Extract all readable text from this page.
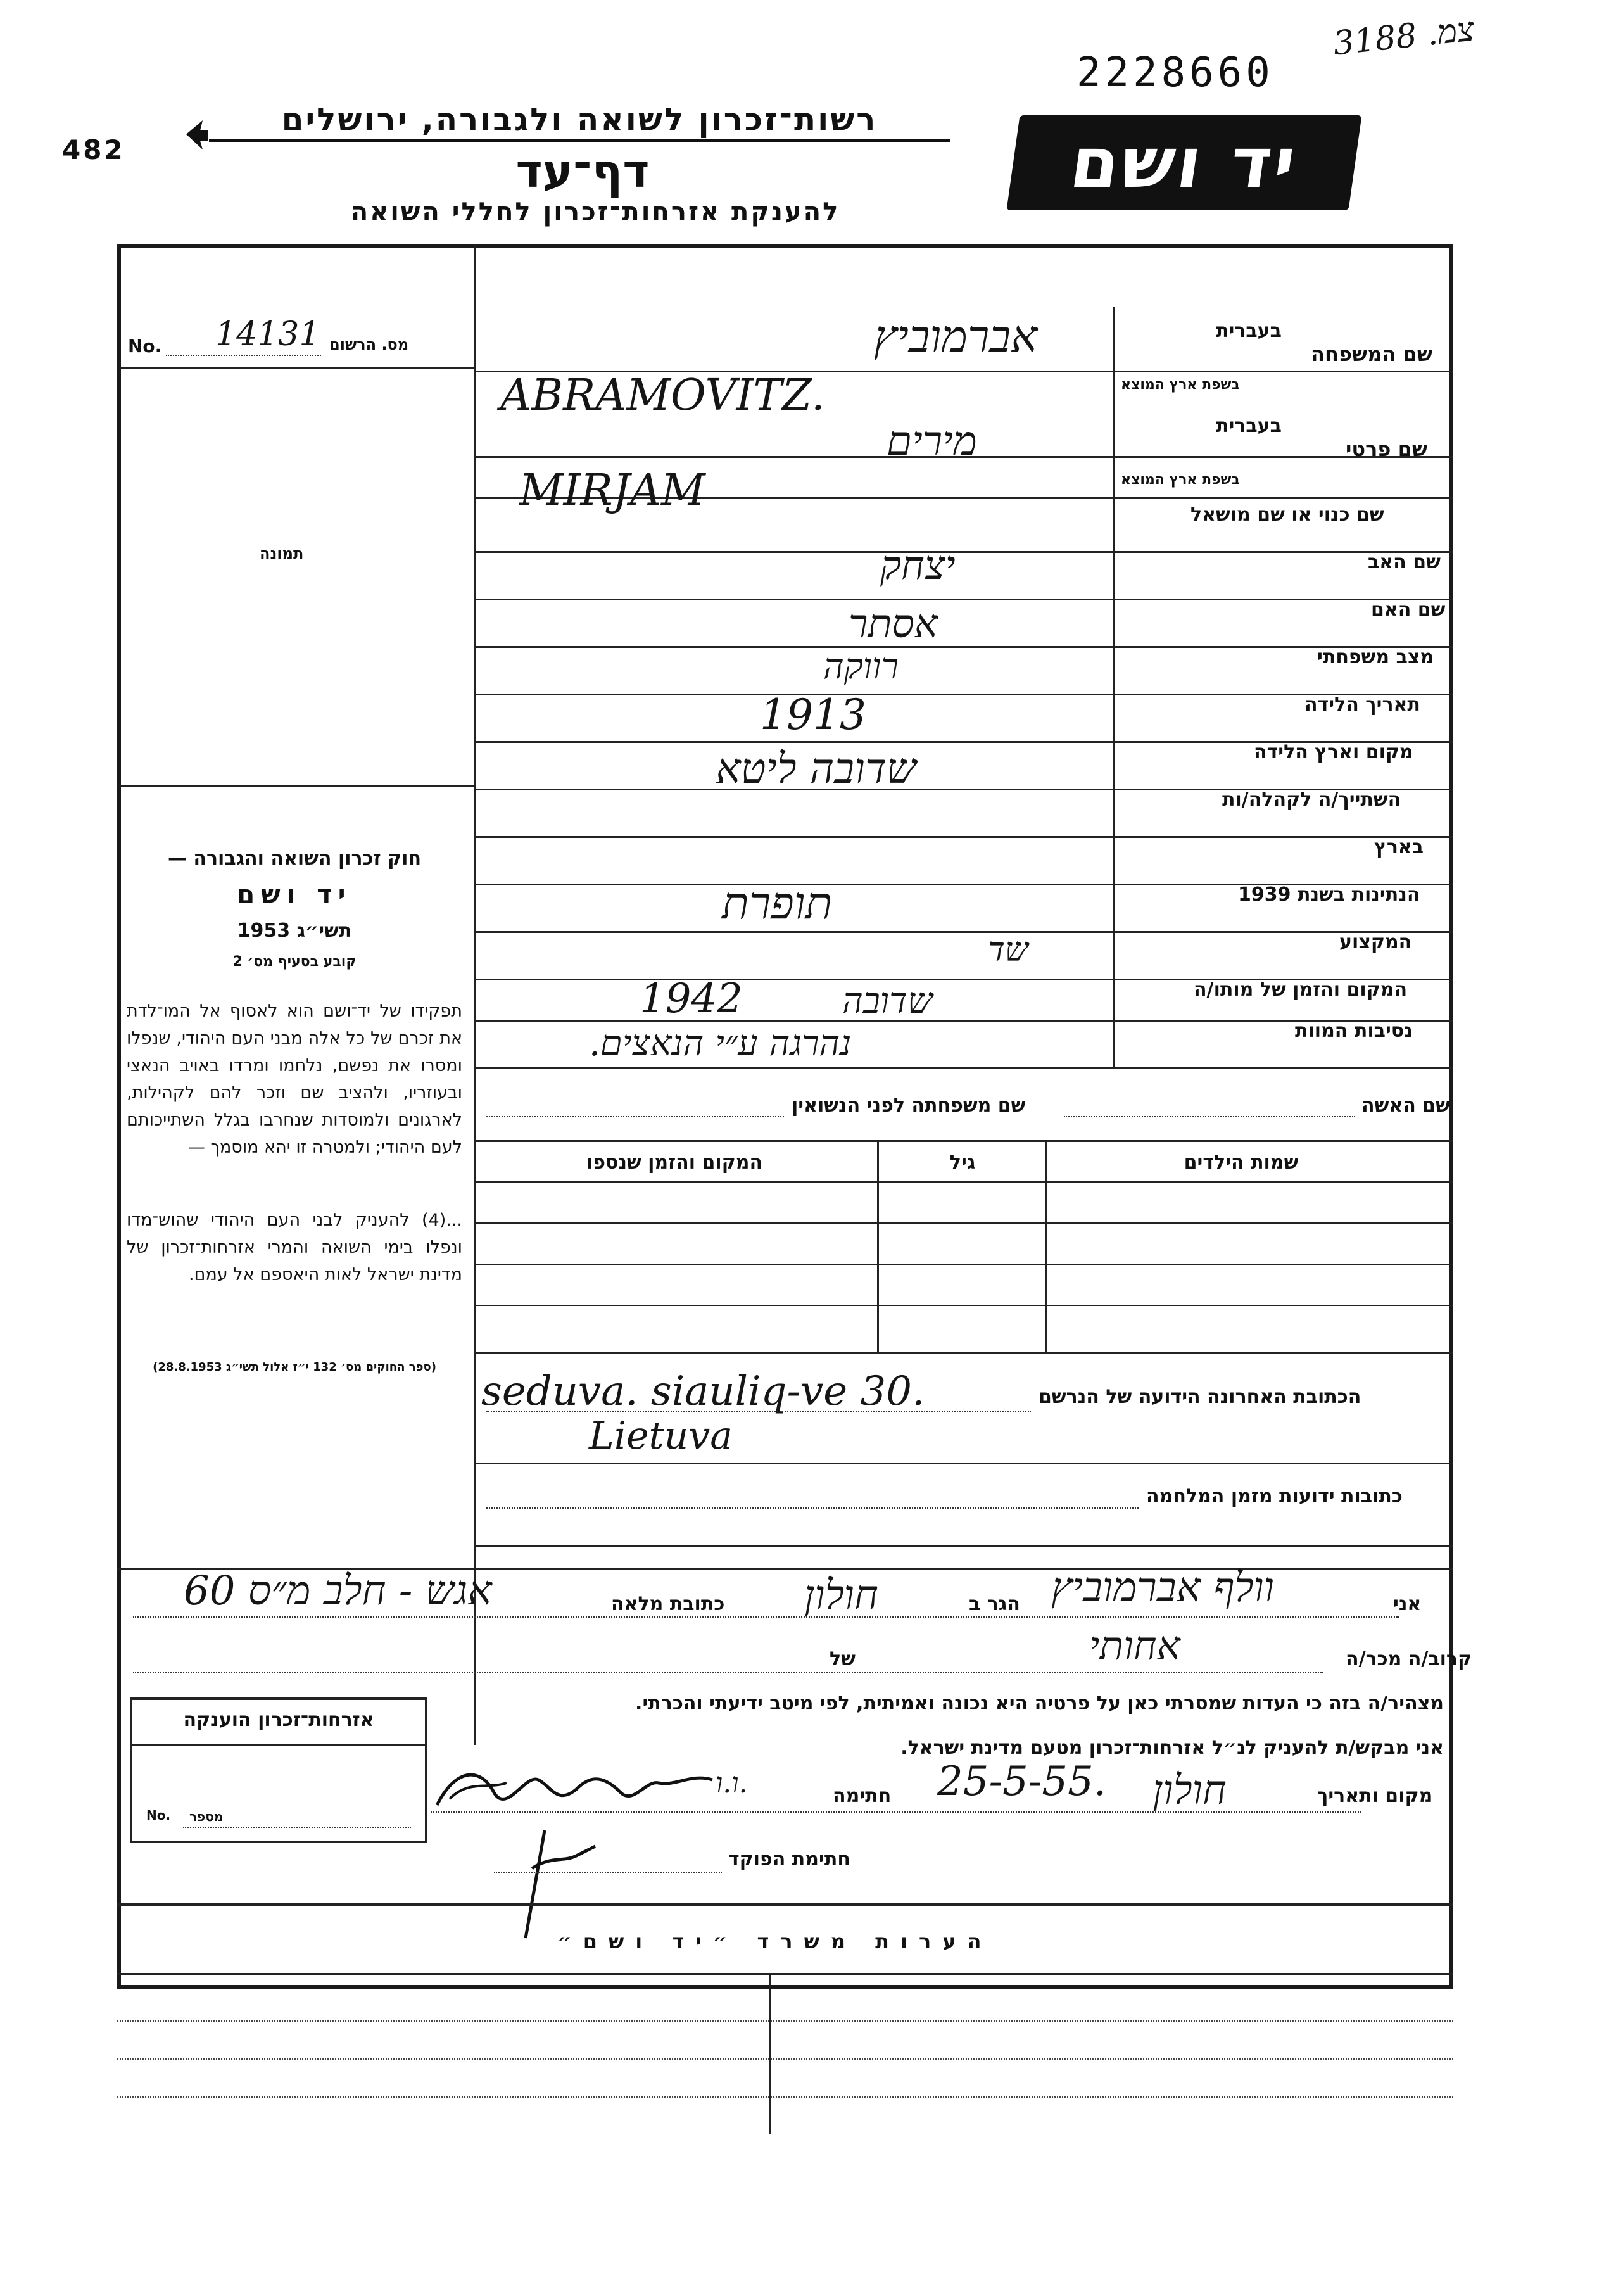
3צמ. 188
2228660
482
רשות־זכרון לשואה ולגבורה, ירושלים
דף־עד
להענקת אזרחות־זכרון לחללי השואה
יד ושם
מס. הרשום
No. 14131
תמונה
חוק זכרון השואה והגבורה —
יד ושם
תשי״ג 1953
קובע בסעיף מס׳ 2
תפקידו של יד־ושם הוא לאסוף אל המו־לדת את זכרם של כל אלה מבני העם היהודי, שנפלו ומסרו את נפשם, נלחמו ומרדו באויב הנאצי ובעוזריו, ולהציב שם וזכר להם לקהילות, לארגונים ולמוסדות שנחרבו בגלל השתייכותם לעם היהודי; ולמטרה זו יהא מוסמך —
...(4) להעניק לבני העם היהודי שהוש־מדו ונפלו בימי השואה והמרי אזרחות־זכרון של מדינת ישראל לאות היאספם אל עמם.
(ספר החוקים מס׳ 132 י״ז אלול תשי״ג 28.8.1953)
בעברית
שם המשפחה
בשפת ארץ המוצא
בעברית
שם פרטי
בשפת ארץ המוצא
שם כנוי או שם מושאל
שם האב
שם האם
מצב משפחתי
תאריך הלידה
מקום וארץ הלידה
השתייך/ה לקהלה/ות
בארץ
הנתינות בשנת 1939
המקצוע
המקום והזמן של מותו/ה
נסיבות המוות
אברמוביץ
ABRAMOVITZ.
מירים
MIRJAM
יצחק
אסתר
רווקה
1913
שדובה ליטא
תופרת
שד
1942	שדובה
נהרגה ע״י הנאצים.
שם האשה
שם משפחתה לפני הנשואין
שמות הילדים
גיל
המקום והזמן שנספו
הכתובת האחרונה הידועה של הנרשם
seduva. siauliq-ve 30.
Lietuva
כתובות ידועות מזמן המלחמה
אני
וולף אברמוביץ
הגר ב
חולון
כתובת מלאה
אגש - חלב מ״ס 60
קרוב/ה מכר/ה
אחותי
של
מצהיר/ה בזה כי העדות שמסרתי כאן על פרטיה היא נכונה ואמיתית, לפי מיטב ידיעתי והכרתי.
אני מבקש/ת להעניק לנ״ל אזרחות־זכרון מטעם מדינת ישראל.
מקום ותאריך
חולון
25-5-55.
חתימה
ו.ו.
חתימת הפוקד
אזרחות־זכרון הוענקה
No. מספר
הערות משרד ״יד ושם״
